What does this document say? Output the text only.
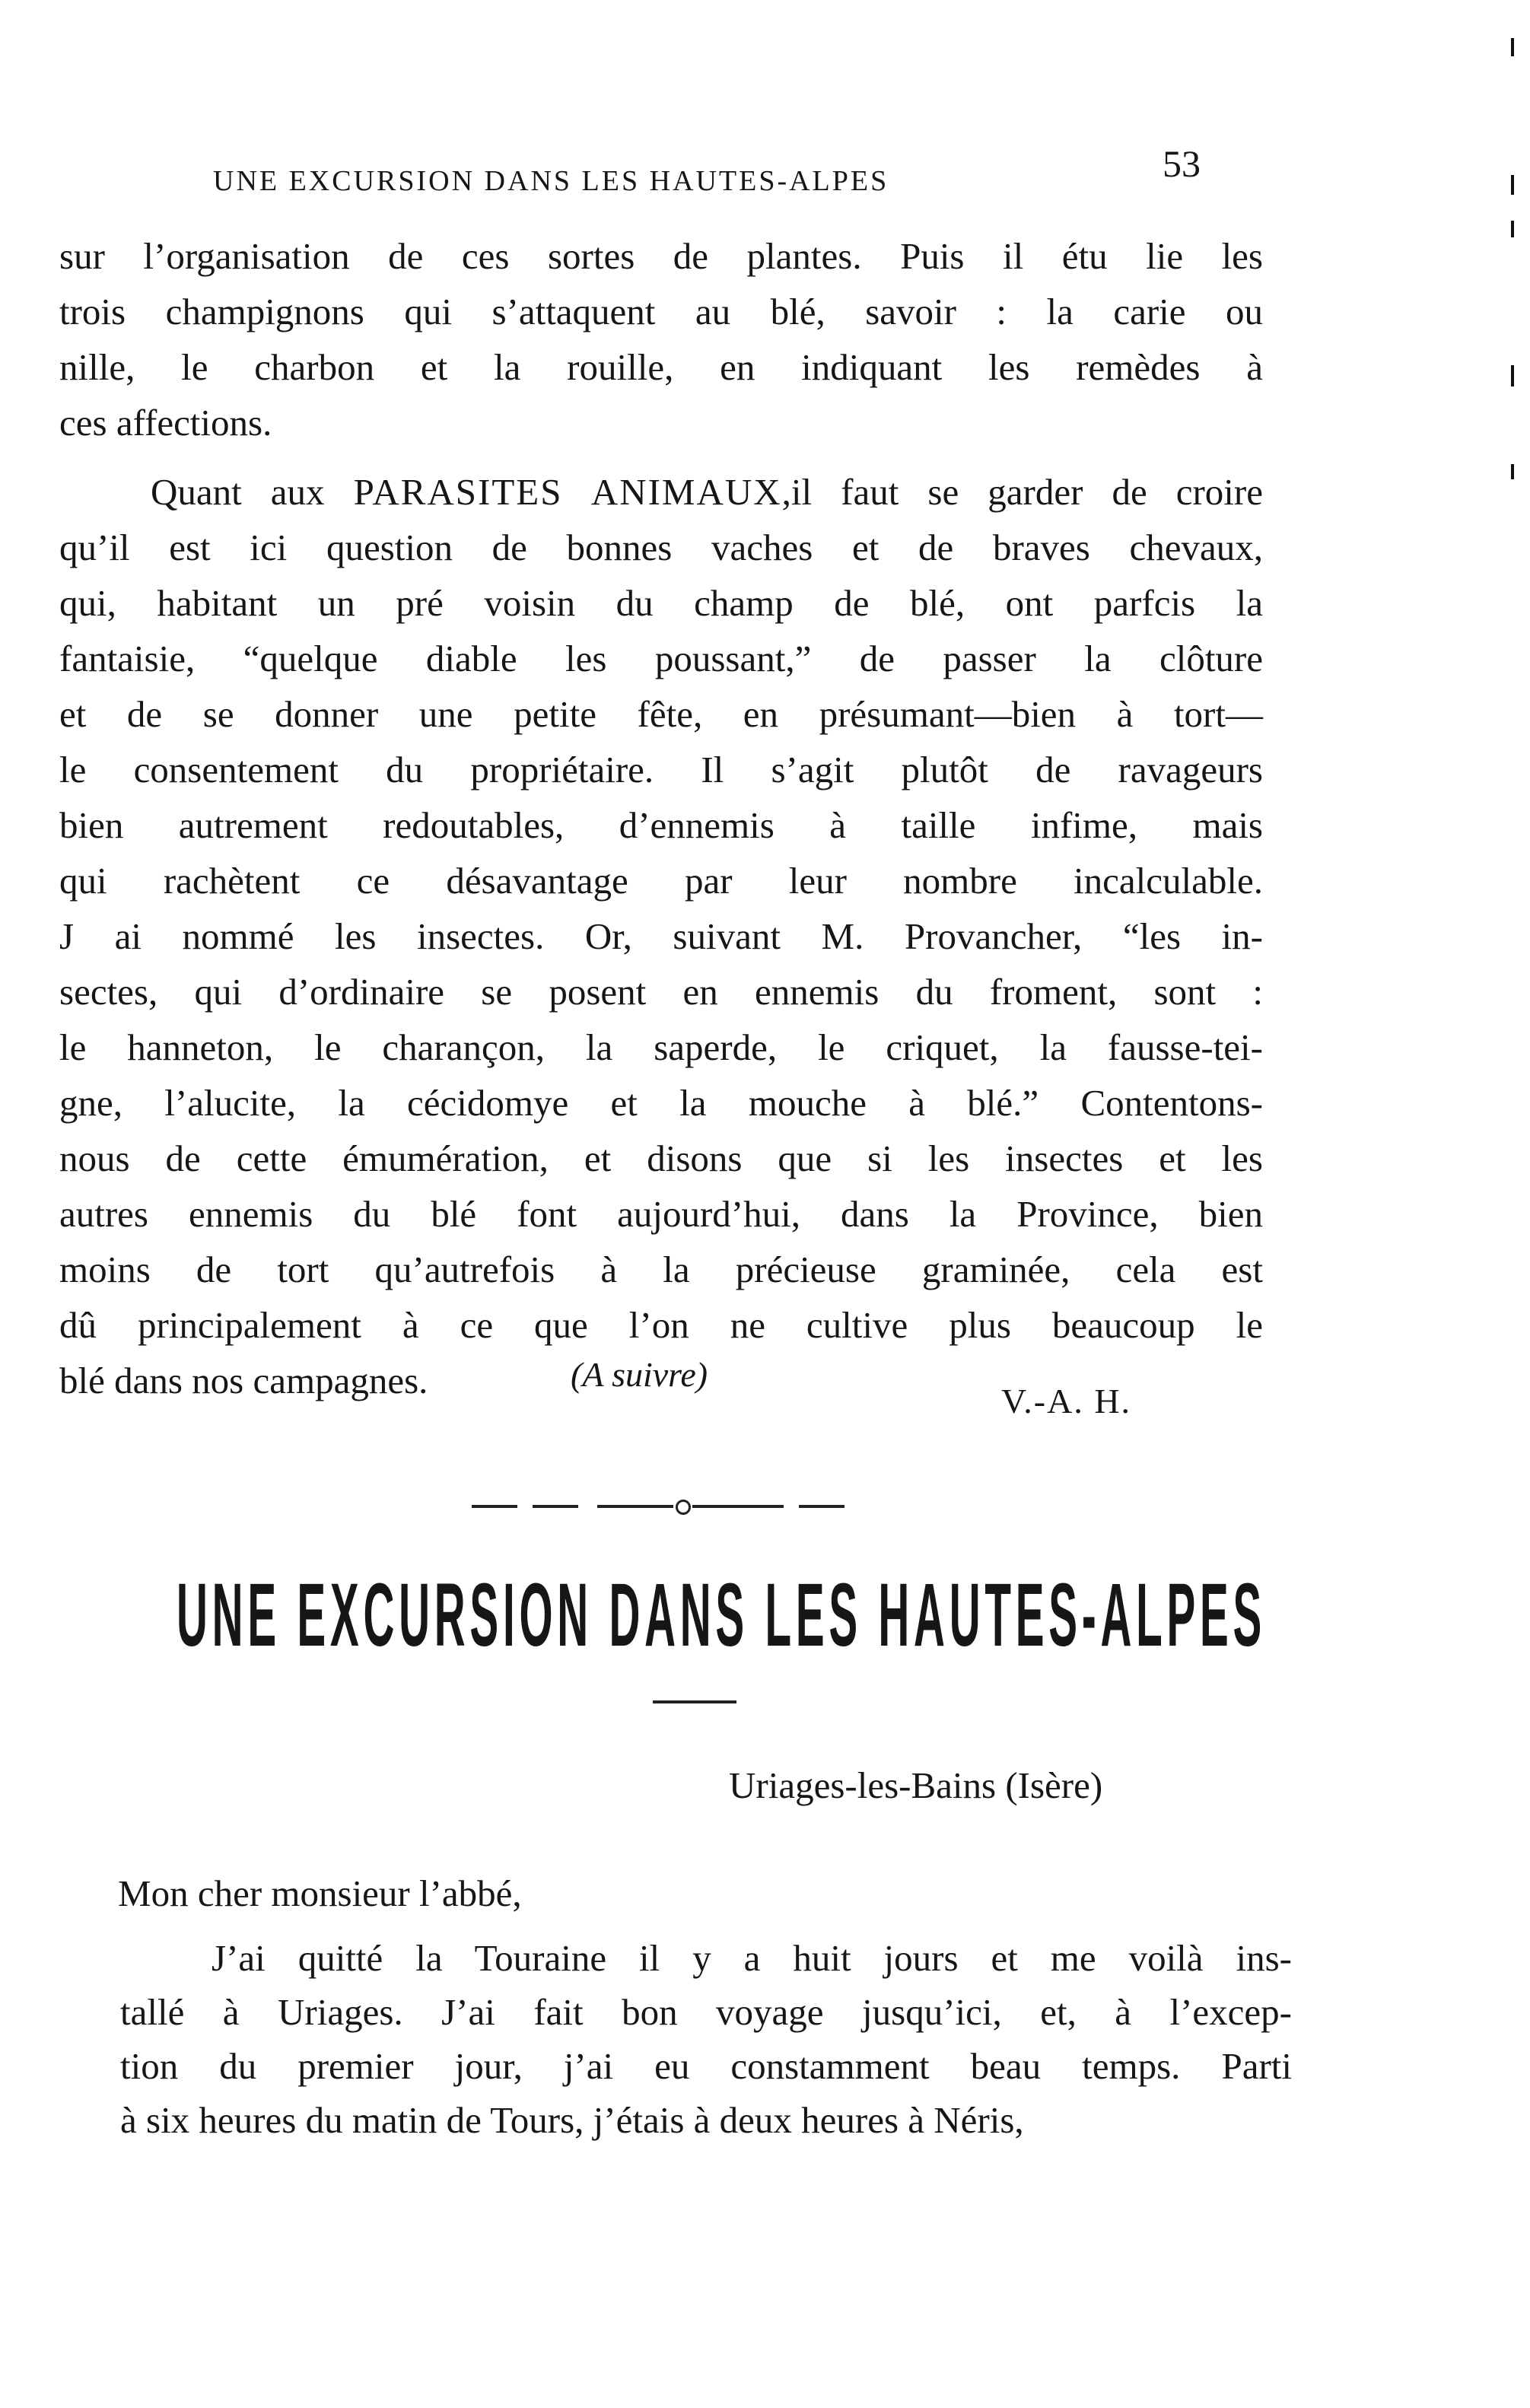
UNE EXCURSION DANS LES HAUTES-ALPES	53
sur l’organisation de ces sortes de plantes. Puis il étu lie les
trois champignons qui s’attaquent au blé, savoir : la carie ou
nille, le charbon et la rouille, en indiquant les remèdes à
ces affections.
Quant aux PARASITES ANIMAUX,il faut se garder de croire
qu’il est ici question de bonnes vaches et de braves chevaux,
qui, habitant un pré voisin du champ de blé, ont parfcis la
fantaisie, “quelque diable les poussant,” de passer la clôture
et de se donner une petite fête, en présumant—bien à tort—
le consentement du propriétaire. Il s’agit plutôt de ravageurs
bien autrement redoutables, d’ennemis à taille infime, mais
qui rachètent ce désavantage par leur nombre incalculable.
J ai nommé les insectes. Or, suivant M. Provancher, “les in-
sectes, qui d’ordinaire se posent en ennemis du froment, sont :
le hanneton, le charançon, la saperde, le criquet, la fausse-tei-
gne, l’alucite, la cécidomye et la mouche à blé.” Contentons-
nous de cette émumération, et disons que si les insectes et les
autres ennemis du blé font aujourd’hui, dans la Province, bien
moins de tort qu’autrefois à la précieuse graminée, cela est
dû principalement à ce que l’on ne cultive plus beaucoup le
blé dans nos campagnes.	(A suivre)
V.-A. H.
UNE EXCURSION DANS LES HAUTES-ALPES
Uriages-les-Bains (Isère)
Mon cher monsieur l’abbé,
J’ai quitté la Touraine il y a huit jours et me voilà ins-
tallé à Uriages. J’ai fait bon voyage jusqu’ici, et, à l’excep-
tion du premier jour, j’ai eu constamment beau temps. Parti
à six heures du matin de Tours, j’étais à deux heures à Néris,
